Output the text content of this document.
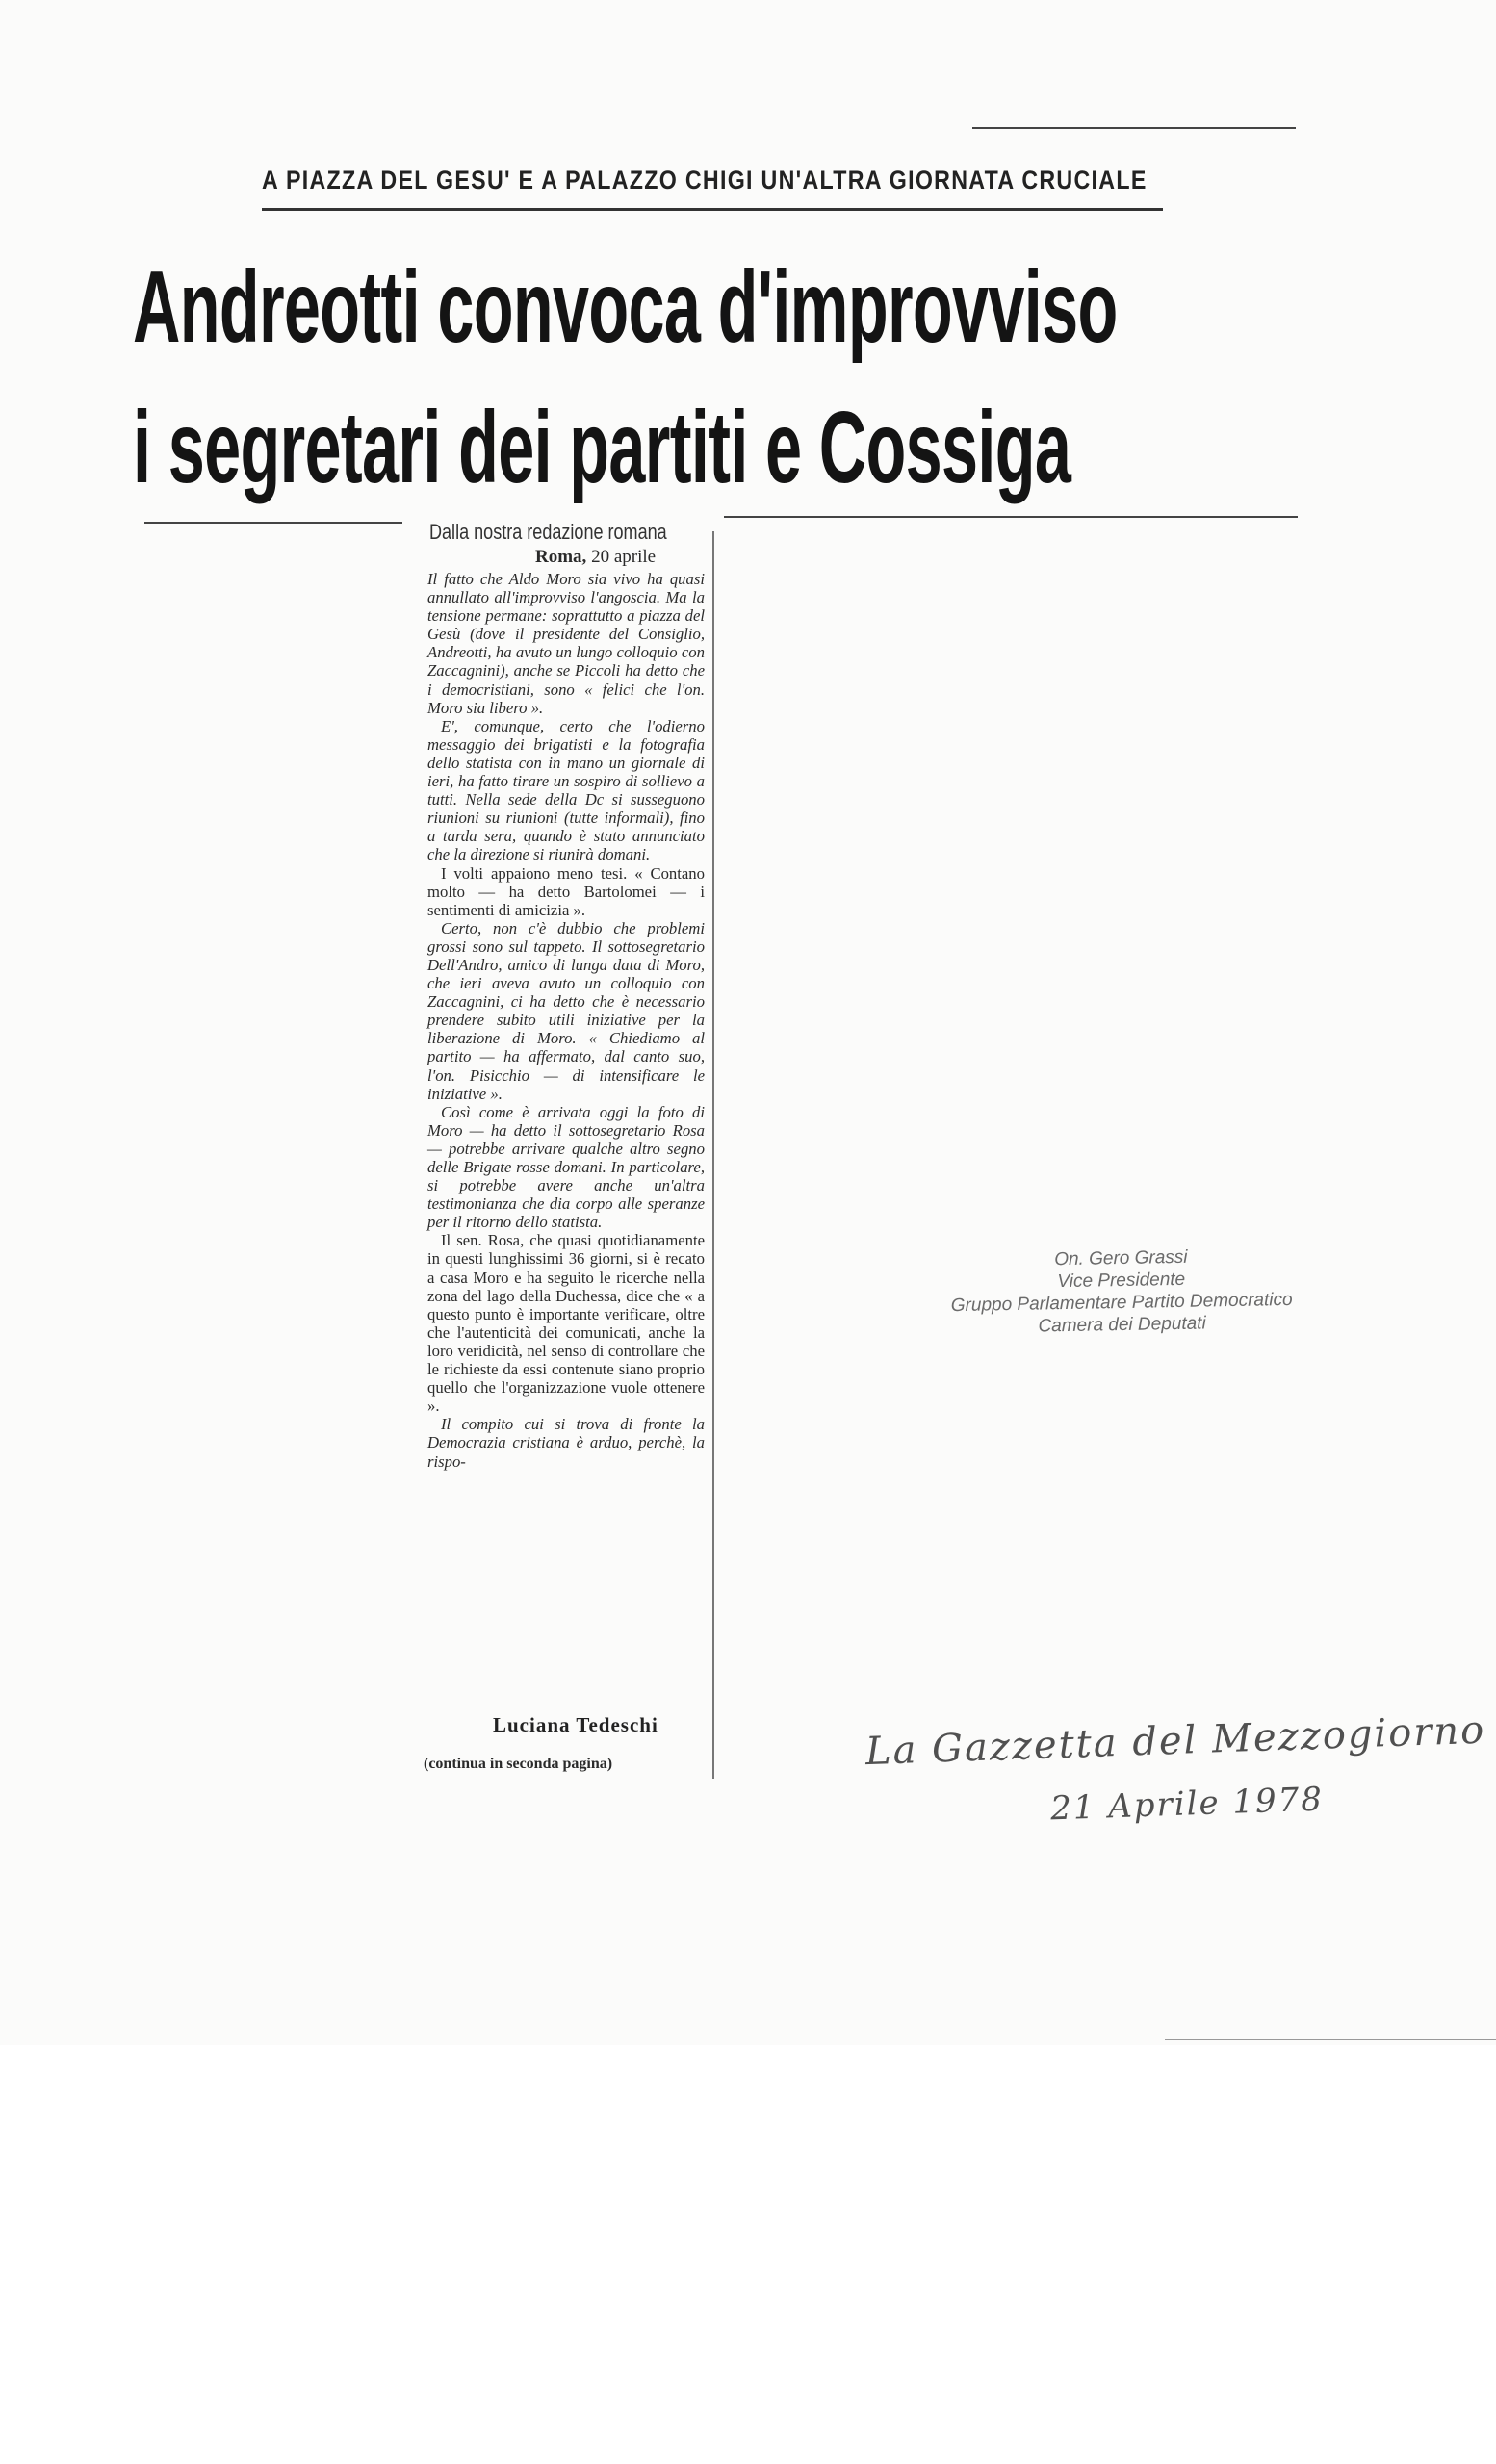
A PIAZZA DEL GESU' E A PALAZZO CHIGI UN'ALTRA GIORNATA CRUCIALE
Andreotti convoca d'improvviso
i segretari dei partiti e Cossiga
Dalla nostra redazione romana
Roma, 20 aprile

Il fatto che Aldo Moro sia vivo ha quasi annullato all'improvviso l'angoscia. Ma la tensione permane: soprattutto a piazza del Gesù (dove il presidente del Consiglio, Andreotti, ha avuto un lungo colloquio con Zaccagnini), anche se Piccoli ha detto che i democristiani, sono « felici che l'on. Moro sia libero ».

E', comunque, certo che l'odierno messaggio dei brigatisti e la fotografia dello statista con in mano un giornale di ieri, ha fatto tirare un sospiro di sollievo a tutti. Nella sede della Dc si susseguono riunioni su riunioni (tutte informali), fino a tarda sera, quando è stato annunciato che la direzione si riunirà domani.

I volti appaiono meno tesi. « Contano molto — ha detto Bartolomei — i sentimenti di amicizia ».

Certo, non c'è dubbio che problemi grossi sono sul tappeto. Il sottosegretario Dell'Andro, amico di lunga data di Moro, che ieri aveva avuto un colloquio con Zaccagnini, ci ha detto che è necessario prendere subito utili iniziative per la liberazione di Moro. « Chiediamo al partito — ha affermato, dal canto suo, l'on. Pisicchio — di intensificare le iniziative ».

Così come è arrivata oggi la foto di Moro — ha detto il sottosegretario Rosa — potrebbe arrivare qualche altro segno delle Brigate rosse domani. In particolare, si potrebbe avere anche un'altra testimonianza che dia corpo alle speranze per il ritorno dello statista.

Il sen. Rosa, che quasi quotidianamente in questi lunghissimi 36 giorni, si è recato a casa Moro e ha seguito le ricerche nella zona del lago della Duchessa, dice che « a questo punto è importante verificare, oltre che l'autenticità dei comunicati, anche la loro veridicità, nel senso di controllare che le richieste da essi contenute siano proprio quello che l'organizzazione vuole ottenere ».

Il compito cui si trova di fronte la Democrazia cristiana è arduo, perchè, la rispo-

Luciana Tedeschi
(continua in seconda pagina)
On. Gero Grassi
Vice Presidente
Gruppo Parlamentare Partito Democratico
Camera dei Deputati
La Gazzetta del Mezzogiorno
21 Aprile 1978
